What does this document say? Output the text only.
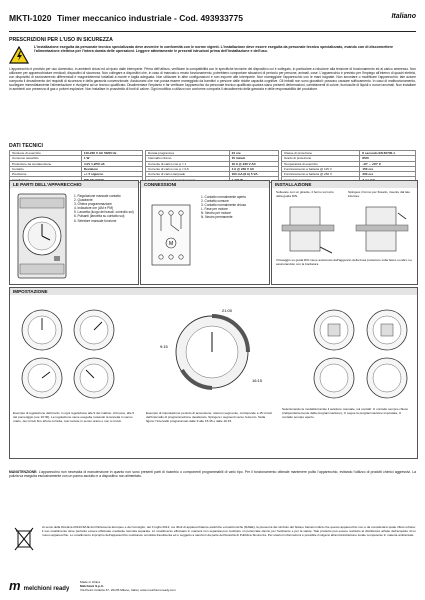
MKTI-1020 Timer meccanico industriale - Cod. 493933775	Italiano
PRESCRIZIONI PER L'USO IN SICUREZZA
L'installazione eseguita da personale tecnico specializzato deve avvenire in conformità con le norme vigenti. L'installazione deve essere eseguita da personale tecnico specializzato, evando con di disconnettere l'alimentazione elettrica per l'intera durata delle operazioni. Leggere attentamente le presenti istruzioni prima dell'installazione e dell'uso.
L'apparecchio è previsto per uso domestico, in ambienti chiusi ed al riparo dalle intemperie. Prima dell'utilizzo, verificare la compatibilità con le specifiche tecniche del dispositivo cui è collegato, in particolare a riduzione alla tensione di funzionamento ed al carico ammesso. Non utilizzare per apparecchiature medicali, dispositivi di sicurezza. Non collegare a dispositivi che, in caso di mancato o errato funzionamento, potrebbero comportare situazioni di pericolo per persone, animali, cose. L'apparecchio è previsto per l'impiego all'interno di quadri elettrici, con dispositivi di sezionamento differenziali e magnetotermici installati a monte e taglia adeguata. Non utilizzare in altre configurazioni e non esporre alle intemperie. Non maneggiare l'apparecchio con le mani bagnate. Non smontare o modificare l'apparecchio; tale azione comporta il decadimento dei requisiti di sicurezza e della garanzia convenzionale. Assicurarsi che non possa essere maneggiato da bambini o persone dalle ridotte capacità cognitive. Gli imballi non sono giocattoli: possono causare soffocamento. In caso di malfunzionamento, scollegare immediatamente l'alimentazione e rivolgersi ad un tecnico qualificato. Disalimentare l'impianto e far verificare l'apparecchio da personale tecnico qualificato qualora siano presenti deformazioni, cambiamenti di colore, fuoriuscite di liquidi o rumori anomali. Non installare in ambienti con presenza di gas o polveri esplosive. Non installare in prossimità di fonti di calore. Ogni modifica o utilizzo non conforme comporta il decadimento della garanzia e delle responsabilità del produttore.
DATI TECNICI
Tensione di esercizio	110-230 V AC 50/60 Hz
Consumo assorbito	1 W
Protezione da sovratensione	4 kV 1,2/50 uS
Contatto	Deviatore
Precisione	+/- 5 s/giorno

Durata programma	24 ore
Intervallo minimo	15 minuti
Corrente di carico cos φ = 1	16 A @ 230 V AC
Corrente di carico cos φ = 0,6	4 A @ 230 V AC
Corrente di carico lampade	100 mA (8 A) 5 VA

Classe di protezione	II secondo EN 60730-1
Grado di protezione	IP20
Temperatura di esercizio	-10° ~ +50° C
Funzionamento a batteria @ 115 V	150 ore
Funzionamento a batteria @ 230 V	200 ore

LE PARTI DELL'APPARECCHIO
1. Regolazione manuale contatto
2. Quadrante
3. Ghiera programmazione
4. Indicatore ore (AM e PM)
5. Lancetta (luogo del trascil. controllo sui)
6. Pulsanti (lancetta su contatto sui)
6. Selettore manuale funzione
CONNESSIONI
M
1. Contatto normalmente aperto
2. Contatto comune
3. Contatto normalmente chiuso
L. Fase per motore
N. Neutro per motore
N. Neutro permanente
INSTALLAZIONE
Sollevare con un giravite, il fermo sul retro della guida DIN.
Spingere il fermo per fissarlo, inserire dal lato inferiore.
Il fissaggio su guida DIN viene assicurato dall'aggancio della linea posteriore sulla fasce su altro su, assicurandolo con la bordatura
IMPOSTAZIONE
21:00
9:15
16:15
Esempio di regolazione dell'orario: in ogni regolazione alle 9 del mattino. Al buono, alle 5 del pomeriggio (ore 16:30). La regolazione viene eseguita ruotando la lancetta in senso orario, dei minuti fino all'ora corretta, mai ruotare in senso orario e non a minuti.
Esempio di impostazione periodo di accensione: ciascun segmento, corrisponde a 15 minuti dell'intervallo di programmazione desiderato. Spingere i segmenti verso l'esterno. Nella figura: l'intervallo programmato dalle 9 alle 15:45 e dalle 16:15.
Selezionando la modalità tramite il selettore manuale, sui contatti: ⊙ contatto sempre chiuso (indipendentemente dalla programmazione); ⊙ segue la programmazione impostata, ⊙ contatto sempre aperto.
MANUTENZIONE: L'apparecchio non necessita di manutenzione in quanto non sono presenti parti di ricambio o componenti programmabili di vario tipo. Per il funzionamento ottimale mantenere pulito l'apparecchio, evitando l'utilizzo di prodotti chimici aggressivi. La pulizia va eseguita esclusivamente con un panno asciutto e a dispositivo non alimentato.
Ai sensi della Direttiva 2012/19/UE del Parlamento Europeo e del Consiglio, del 4 luglio 2012, sui rifiuti di apparecchiature elettriche ed elettroniche (RAEE), la presenza del simbolo del bidone barrato indica che questo apparecchio non è da considerarsi quale rifiuto urbano: il suo smaltimento deve pertanto essere effettuato mediante raccolta separata. Lo smaltimento effettuato in maniera non separata può costituire un potenziale danno per l'ambiente e per la salute. Tale prodotto può essere restituito al distributore all'atto dell'acquisto di un nuovo apparecchio. Lo smaltimento improprio dell'apparecchio costituisce condotta fraudolenta ed è soggetto a sanzioni da parte dell'Autorità di Pubblica Sicurezza. Per ulteriori informazioni è possibile rivolgersi all'amministrazione locale competente in materia ambientale.
m melchioni ready
Made in China
Melchioni S.p.A.
Via Pietro Colletta 37, 20135 Milano, Italia | www.melchioni-ready.com
